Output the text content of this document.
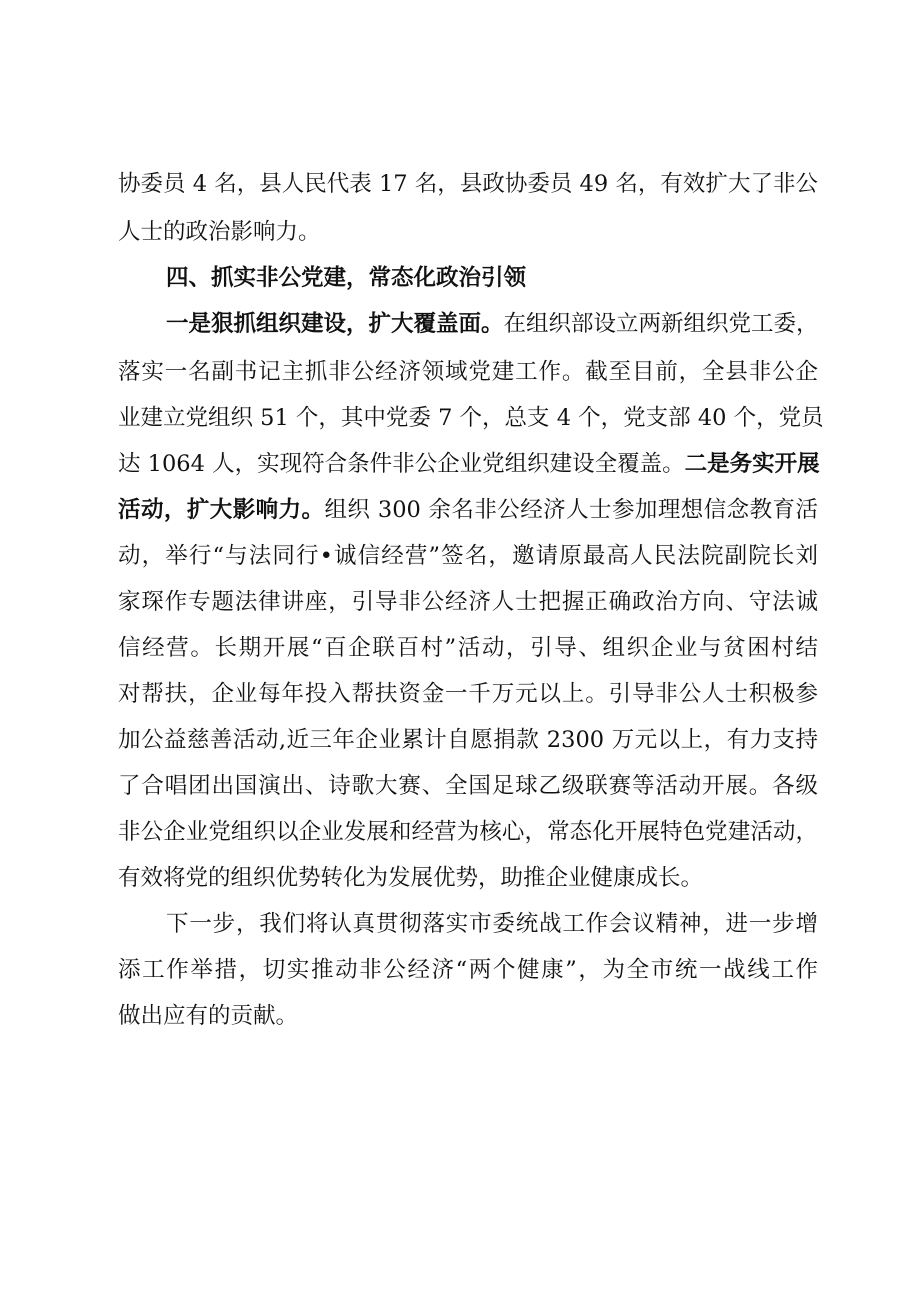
协委员 4 名，县人民代表 17 名，县政协委员 49 名，有效扩大了非公
人士的政治影响力。
四、抓实非公党建，常态化政治引领
一是狠抓组织建设，扩大覆盖面。在组织部设立两新组织党工委，
落实一名副书记主抓非公经济领域党建工作。截至目前，全县非公企
业建立党组织 51 个，其中党委 7 个，总支 4 个，党支部 40 个，党员
达 1064 人，实现符合条件非公企业党组织建设全覆盖。二是务实开展
活动，扩大影响力。组织 300 余名非公经济人士参加理想信念教育活
动，举行“与法同行•诚信经营”签名，邀请原最高人民法院副院长刘
家琛作专题法律讲座，引导非公经济人士把握正确政治方向、守法诚
信经营。长期开展“百企联百村”活动，引导、组织企业与贫困村结
对帮扶，企业每年投入帮扶资金一千万元以上。引导非公人士积极参
加公益慈善活动,近三年企业累计自愿捐款 2300 万元以上，有力支持
了合唱团出国演出、诗歌大赛、全国足球乙级联赛等活动开展。各级
非公企业党组织以企业发展和经营为核心，常态化开展特色党建活动，
有效将党的组织优势转化为发展优势，助推企业健康成长。
下一步，我们将认真贯彻落实市委统战工作会议精神，进一步增
添工作举措，切实推动非公经济“两个健康”，为全市统一战线工作
做出应有的贡献。
